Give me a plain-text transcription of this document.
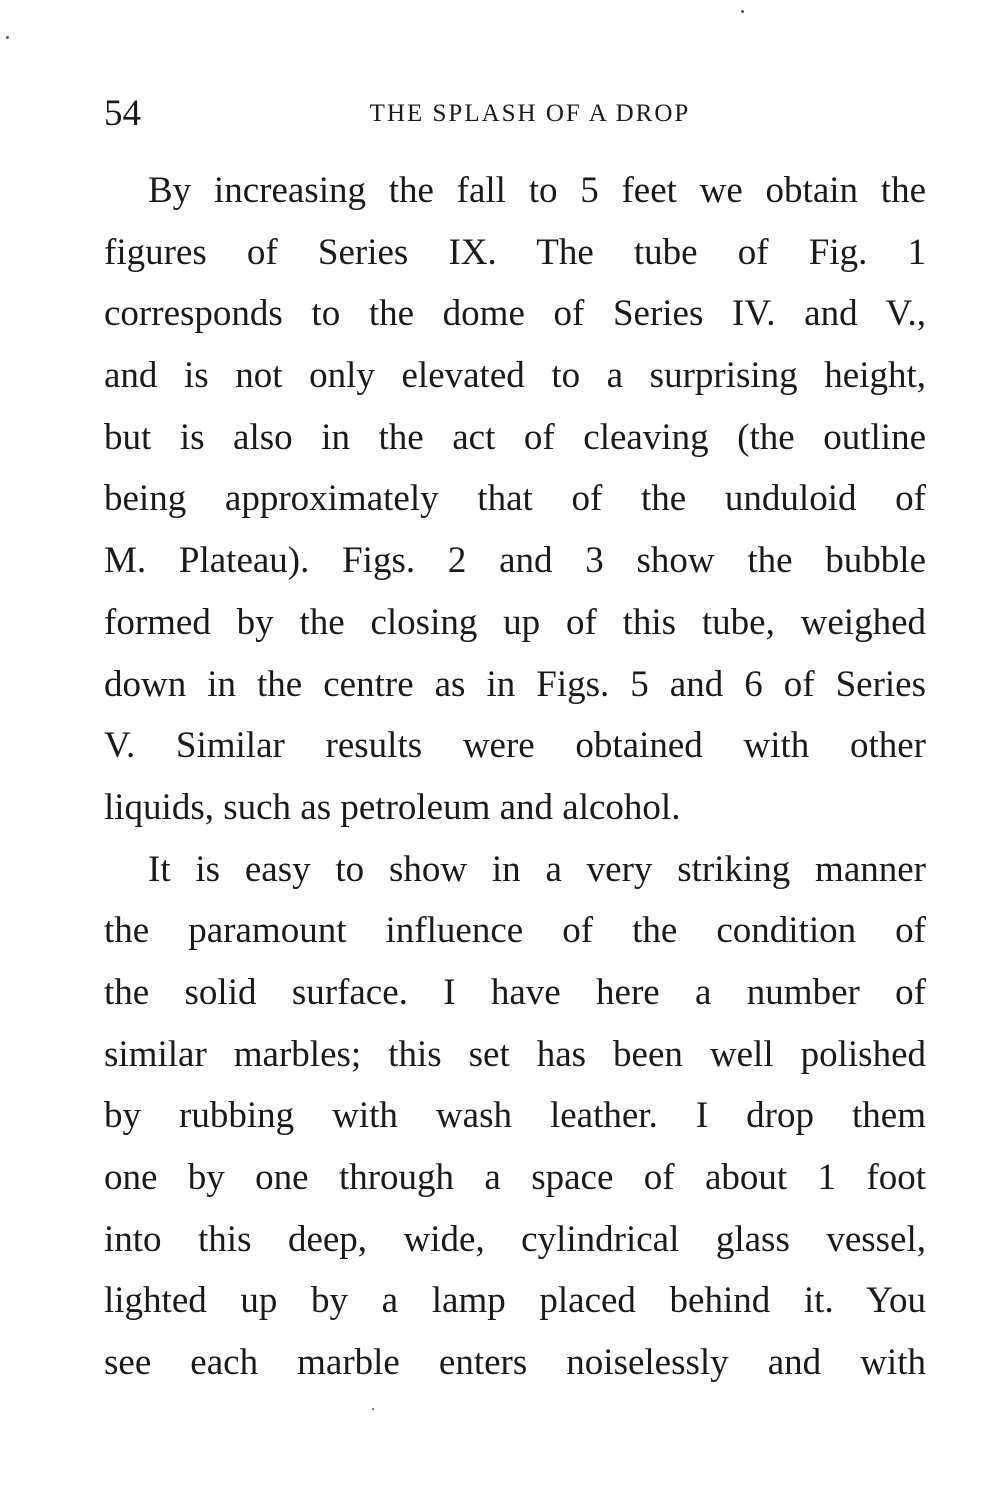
54	THE SPLASH OF A DROP
By increasing the fall to 5 feet we obtain the
figures of Series IX. The tube of Fig. 1
corresponds to the dome of Series IV. and V.,
and is not only elevated to a surprising height,
but is also in the act of cleaving (the outline
being approximately that of the unduloid of
M. Plateau). Figs. 2 and 3 show the bubble
formed by the closing up of this tube, weighed
down in the centre as in Figs. 5 and 6 of Series
V. Similar results were obtained with other
liquids, such as petroleum and alcohol.
It is easy to show in a very striking manner
the paramount influence of the condition of
the solid surface. I have here a number of
similar marbles; this set has been well polished
by rubbing with wash leather. I drop them
one by one through a space of about 1 foot
into this deep, wide, cylindrical glass vessel,
lighted up by a lamp placed behind it. You
see each marble enters noiselessly and with
